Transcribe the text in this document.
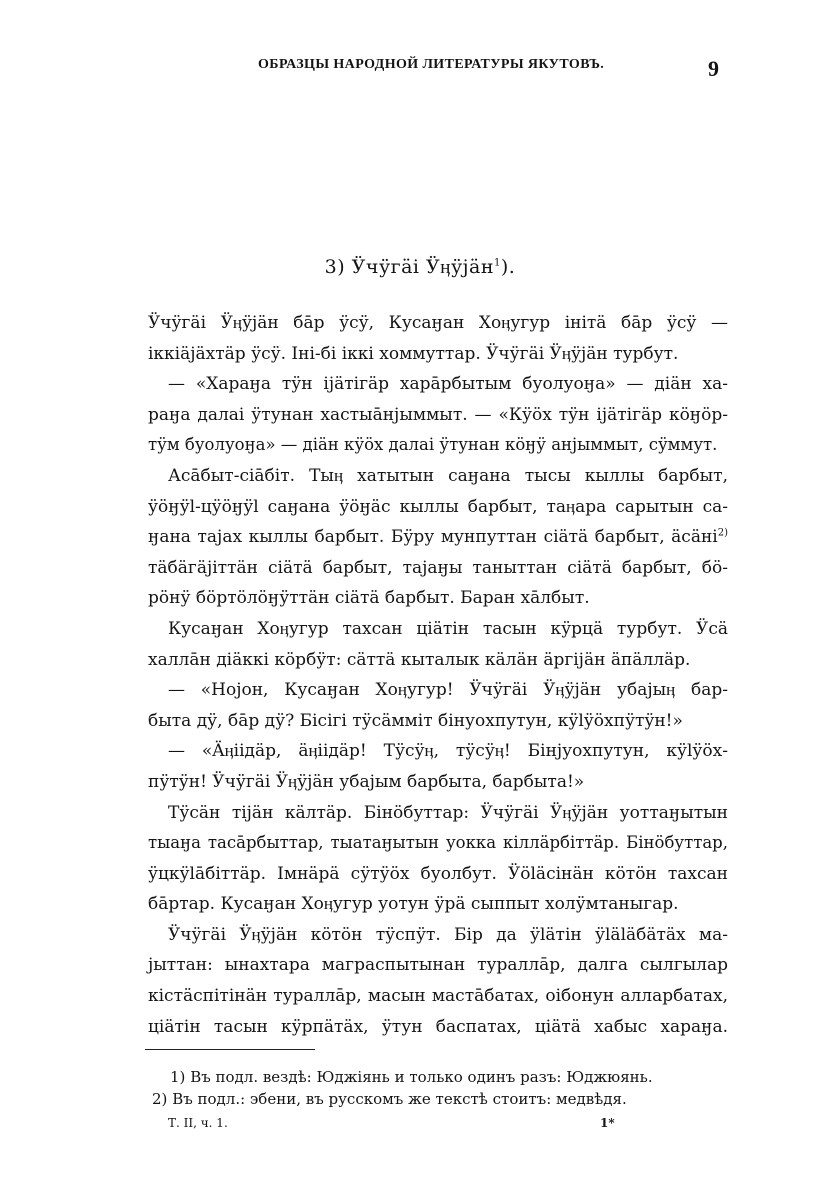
ОБРАЗЦЫ НАРОДНОЙ ЛИТЕРАТУРЫ ЯКУТОВЪ.	9
3) Ӱчӱгäi Ӱӊӱjäн$^1$).
Ӱчӱгäi Ӱӊӱjäн бāр ӱсӱ, Кусаӈан Хоӊугур iнiтä бāр ӱсӱ —
iккiäjäхтäр ӱсӱ. Iнi-бi iккi хоммуттар. Ӱчӱгäi Ӱӊӱjäн турбут.
— «Хараӈа тӱн iјäтiгäр харāрбытым буолуоӈа» — дiäн ха-
раӈа далаi ӱтунан хастыāнјыммыт. — «Кӱöх тӱн iјäтiгäр кöӈöр-
тӱм буолуоӈа» — дiäн кӱöх далаi ӱтунан кöӈӱ анјыммыт, сӱммут.
Асāбыт-сiāбiт. Тыӊ хатытын саӈана тысы кыллы барбыт,
ӱöӈӱl-цӱöӈӱl саӈана ӱöӈäс кыллы барбыт, таӊара сарытын са-
ӈана таjах кыллы барбыт. Бӱру мунпуттан сiäтä барбыт, äсäнi$^{2)}$
тäбäгäjiттäн сiäтä барбыт, таjаӈы таныттан сiäтä барбыт, бö-
рöнӱ бöртöлöӈӱттäн сiäтä барбыт. Баран хāлбыт.
Кусаӈан Хоӊугур тахсан цiäтiн тасын кӱрцä турбут. Ӱсä
халлāн дiäккi кöрбӱт: сäттä кыталык кäлäн äргiјäн äпäллäр.
— «Нојон, Кусаӈан Хоӊугур! Ӱчӱгäi Ӱӊӱjäн убаjыӊ бар-
быта дӱ, бāр дӱ? Бiсiгi тӱсäммiт бiнуохпутун, кӱlӱöхпӱтӱн!»
— «Äӊiiдäр, äӊiiдäр! Тӱсӱӊ, тӱсӱӊ! Бiнјуохпутун, кӱlӱöх-
пӱтӱн! Ӱчӱгäi Ӱӊӱjäн убаjым барбыта, барбыта!»
Тӱсäн тiјäн кäлтäр. Бiнöбуттар: Ӱчӱгäi Ӱӊӱjäн уоттаӈытын
тыаӈа тасāрбыттар, тыатаӈытын уокка кiллäрбiттäр. Бiнöбуттар,
ӱцкӱlāбiттäр. Iмнäрä сӱтӱöх буолбут. Ӱöläсiнäн кöтöн тахсан
бāртар. Кусаӈан Хоӊугур уотун ӱрä сыппыт холӱмтаныгар.
Ӱчӱгäi Ӱӊӱjäн кöтöн тӱспӱт. Бiр да ӱläтiн ӱläläбäтäх ма-
јыттан: ынахтара маграспытынан туралла̄р, далга сылгылар
кiстäспiтiнäн туралла̄р, масын мастāбатах, оiбонун алларбатах,
цiäтiн тасын кӱрпäтäх, ӱтун баспатах, цiäтä хабыс хараӈа.
1) Въ подл. вездѣ: Юджiянь и только одинъ разъ: Юджюянь.
2) Въ подл.: эбени, въ русскомъ же текстѣ стоитъ: медвѣдя.
Т. II, ч. 1.	1*
